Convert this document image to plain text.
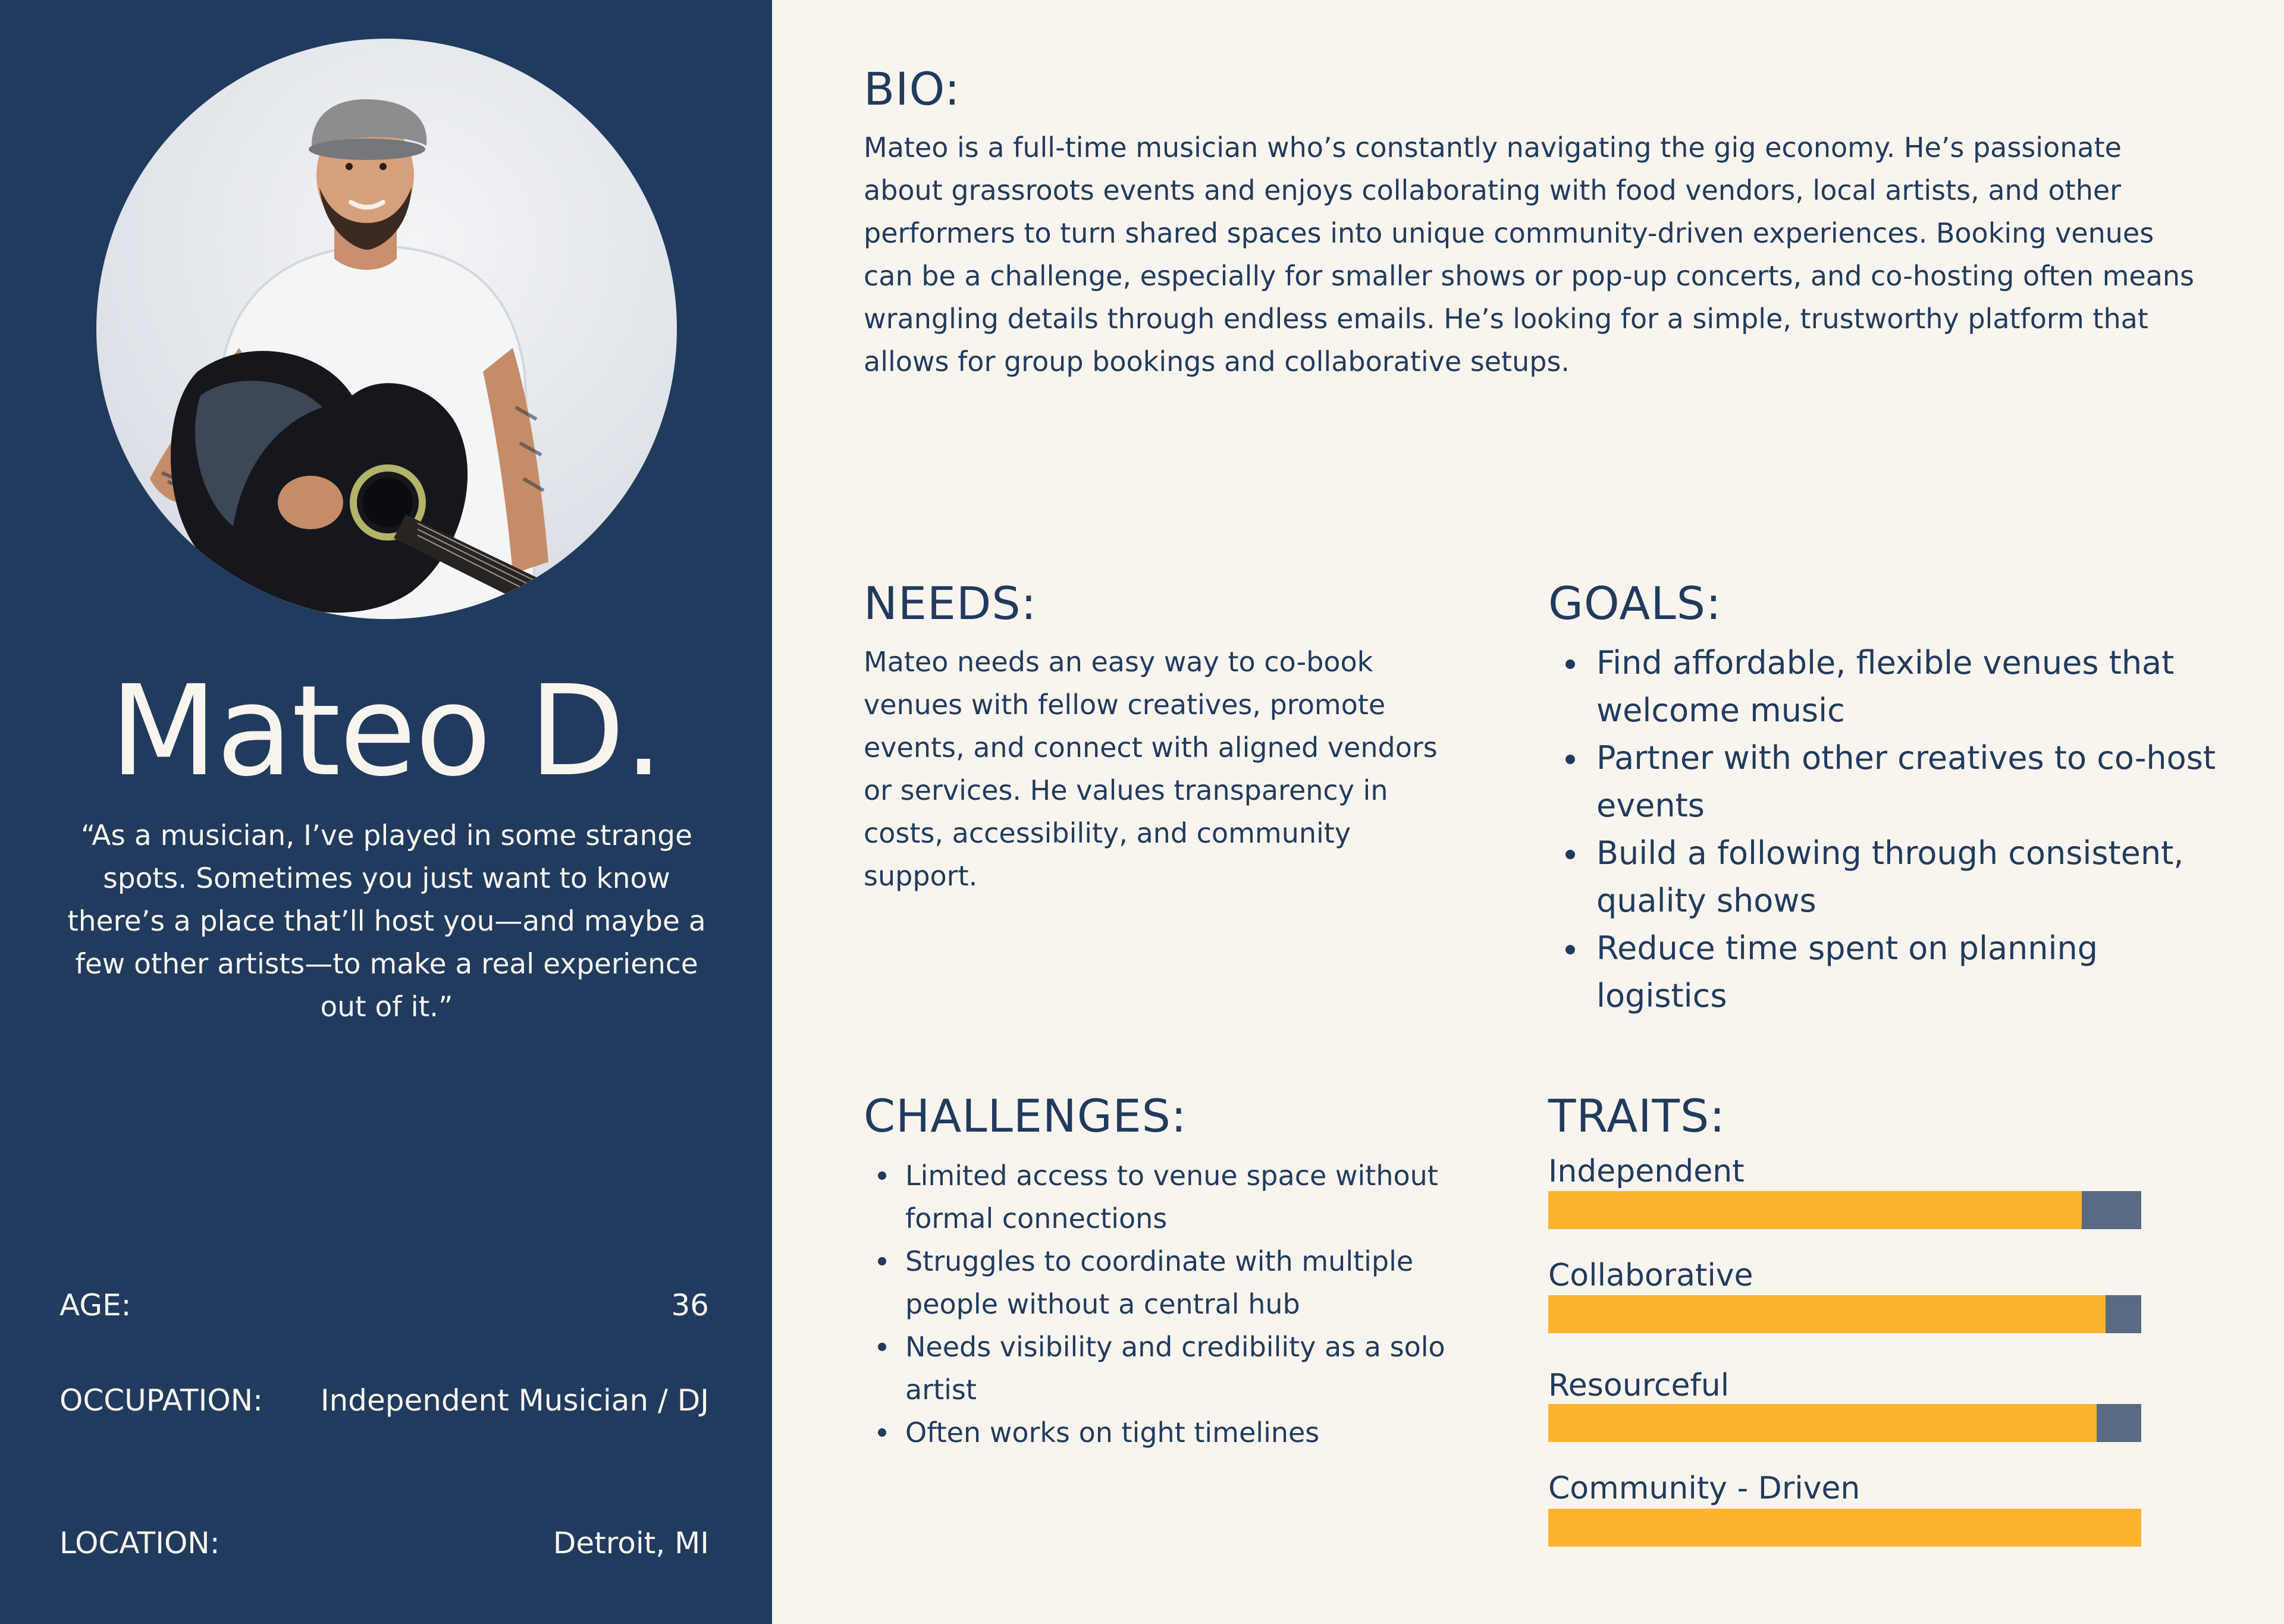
Mateo D.

“As a musician, I’ve played in some strange spots. Sometimes you just want to know there’s a place that’ll host you—and maybe a few other artists—to make a real experience out of it.”

AGE:	36
OCCUPATION: Independent Musician / DJ
LOCATION:	Detroit, MI
BIO:

Mateo is a full-time musician who’s constantly navigating the gig economy. He’s passionate about grassroots events and enjoys collaborating with food vendors, local artists, and other performers to turn shared spaces into unique community-driven experiences. Booking venues can be a challenge, especially for smaller shows or pop-up concerts, and co-hosting often means wrangling details through endless emails. He’s looking for a simple, trustworthy platform that allows for group bookings and collaborative setups.

NEEDS:

Mateo needs an easy way to co-book venues with fellow creatives, promote events, and connect with aligned vendors or services. He values transparency in costs, accessibility, and community support.

GOALS:
Find affordable, flexible venues that welcome music
Partner with other creatives to co-host events
Build a following through consistent, quality shows
Reduce time spent on planning logistics
CHALLENGES:
Limited access to venue space without formal connections
Struggles to coordinate with multiple people without a central hub
Needs visibility and credibility as a solo artist
Often works on tight timelines
TRAITS:

Independent

Collaborative

Resourceful

Community - Driven
